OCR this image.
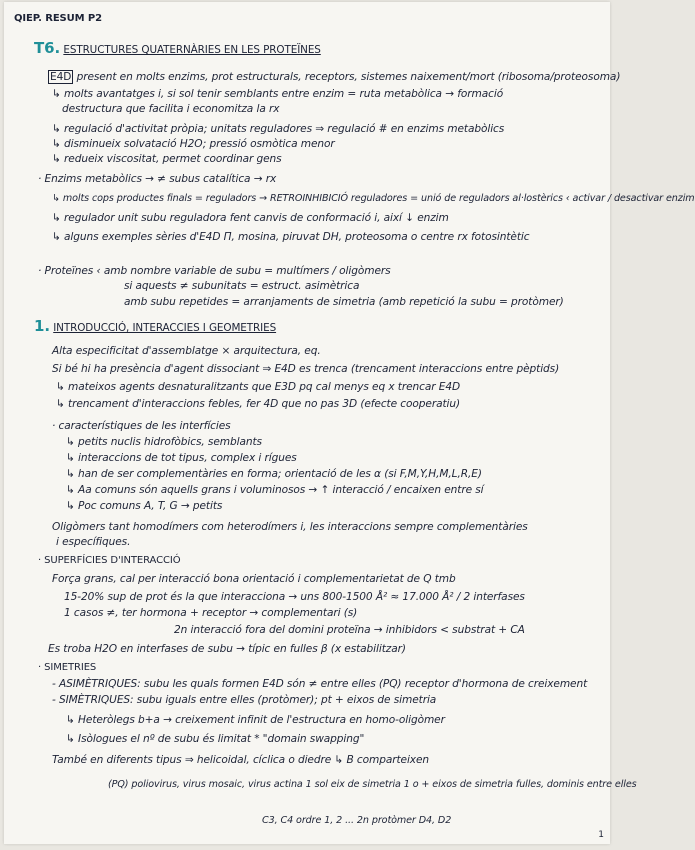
QIEP. RESUM P2
T6. ESTRUCTURES QUATERNÀRIES EN LES PROTEÏNES
E4D present en molts enzims, prot estructurals, receptors, sistemes naixement/mort (ribosoma/proteosoma)
↳ molts avantatges i, si sol tenir semblants entre enzim = ruta metabòlica → formació
destructura que facilita i economitza la rx
↳ regulació d'activitat pròpia; unitats reguladores ⇒ regulació # en enzims metabòlics
↳ disminueix solvatació H2O; pressió osmòtica menor
↳ redueix viscositat, permet coordinar gens
· Enzims metabòlics → ≠ subus catalítica → rx
↳ molts cops productes finals = reguladors → RETROINHIBICIÓ reguladores = unió de reguladors al·lostèrics ‹ activar / desactivar enzim
↳ regulador unit subu reguladora fent canvis de conformació i, així ↓ enzim
↳ alguns exemples sèries d'E4D Π, mosina, piruvat DH, proteosoma o centre rx fotosintètic
· Proteïnes ‹ amb nombre variable de subu = multímers / oligòmers
si aquests ≠ subunitats = estruct. asimètrica
amb subu repetides = arranjaments de simetria (amb repetició la subu = protòmer)
1. INTRODUCCIÓ, INTERACCIES I GEOMETRIES
Alta especificitat d'assemblatge × arquitectura, eq.
Si bé hi ha presència d'agent dissociant ⇒ E4D es trenca (trencament interaccions entre pèptids)
↳ mateixos agents desnaturalitzants que E3D pq cal menys eq x trencar E4D
↳ trencament d'interaccions febles, fer 4D que no pas 3D (efecte cooperatiu)
· característiques de les interfícies
↳ petits nuclis hidrofòbics, semblants
↳ interaccions de tot tipus, complex i rígues
↳ han de ser complementàries en forma; orientació de les α (si F,M,Y,H,M,L,R,E)
↳ Aa comuns són aquells grans i voluminosos → ↑ interacció / encaixen entre sí
↳ Poc comuns A, T, G → petits
Oligòmers tant homodímers com heterodímers i, les interaccions sempre complementàries
i específiques.
· SUPERFÍCIES D'INTERACCIÓ
Força grans, cal per interacció bona orientació i complementarietat de Q tmb
15-20% sup de prot és la que interacciona → uns 800-1500 Å² ≈ 17.000 Å² / 2 interfases
1 casos ≠, ter hormona + receptor → complementari (s)
2n interacció fora del domini proteïna → inhibidors < substrat + CA
Es troba H2O en interfases de subu → típic en fulles β (x estabilitzar)
· SIMETRIES
- ASIMÈTRIQUES: subu les quals formen E4D són ≠ entre elles (PQ) receptor d'hormona de creixement
- SIMÈTRIQUES: subu iguals entre elles (protòmer); pt + eixos de simetria
↳ Heteròlegs b+a → creixement infinit de l'estructura en homo-oligòmer
↳ Isòlogues el nº de subu és limitat * "domain swapping"
També en diferents tipus ⇒ helicoidal, cíclica o diedre ↳ B comparteixen
(PQ) poliovirus, virus mosaic, virus actina 1 sol eix de simetria 1 o + eixos de simetria fulles, dominis entre elles
C3, C4 ordre 1, 2 ... 2n protòmer D4, D2
1
